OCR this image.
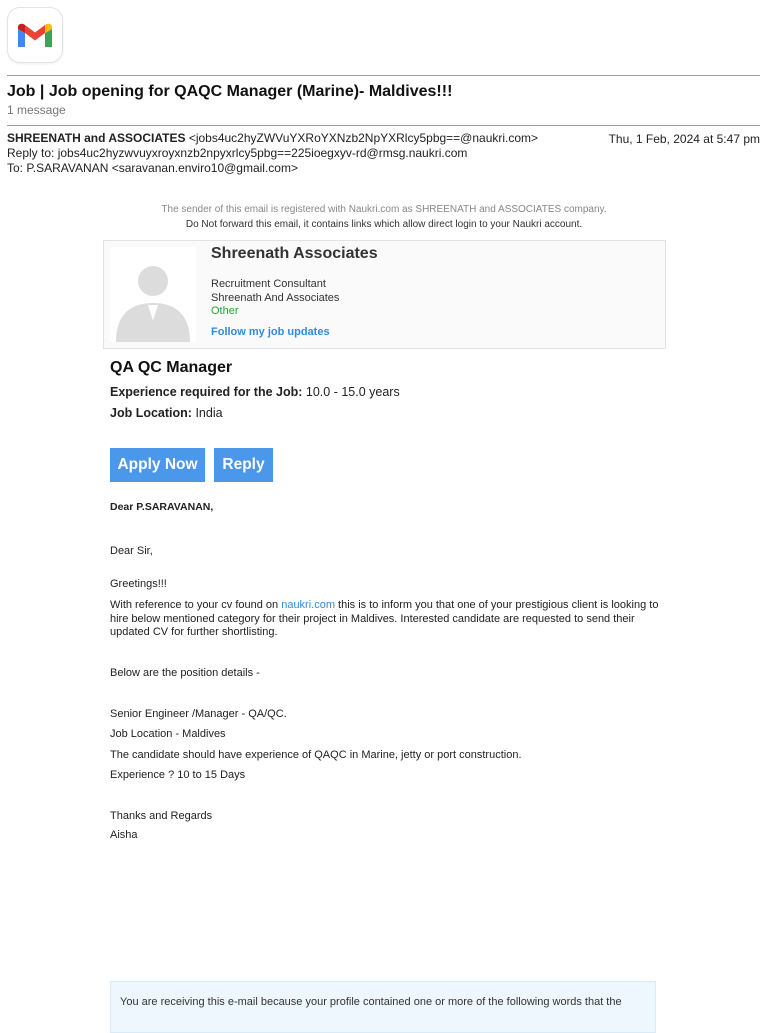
Job | Job opening for QAQC Manager (Marine)- Maldives!!!
1 message
SHREENATH and ASSOCIATES <jobs4uc2hyZWVuYXRoYXNzb2NpYXRlcy5pbg==@naukri.com>	Thu, 1 Feb, 2024 at 5:47 pm
Reply to: jobs4uc2hyzwvuyxroyxnzb2npyxrlcy5pbg==225ioegxyv-rd@rmsg.naukri.com
To: P.SARAVANAN <saravanan.enviro10@gmail.com>
The sender of this email is registered with Naukri.com as SHREENATH and ASSOCIATES company.
Do Not forward this email, it contains links which allow direct login to your Naukri account.
Shreenath Associates
Recruitment Consultant
Shreenath And Associates
Other
Follow my job updates
QA QC Manager
Experience required for the Job: 10.0 - 15.0 years
Job Location: India
Apply Now	Reply
Dear P.SARAVANAN,
Dear Sir,
Greetings!!!
With reference to your cv found on naukri.com this is to inform you that one of your prestigious client is looking to hire below mentioned category for their project in Maldives. Interested candidate are requested to send their updated CV for further shortlisting.
Below are the position details -
Senior Engineer /Manager - QA/QC.
Job Location - Maldives
The candidate should have experience of QAQC in Marine, jetty or port construction.
Experience ? 10 to 15 Days
Thanks and Regards
Aisha
You are receiving this e-mail because your profile contained one or more of the following words that the
